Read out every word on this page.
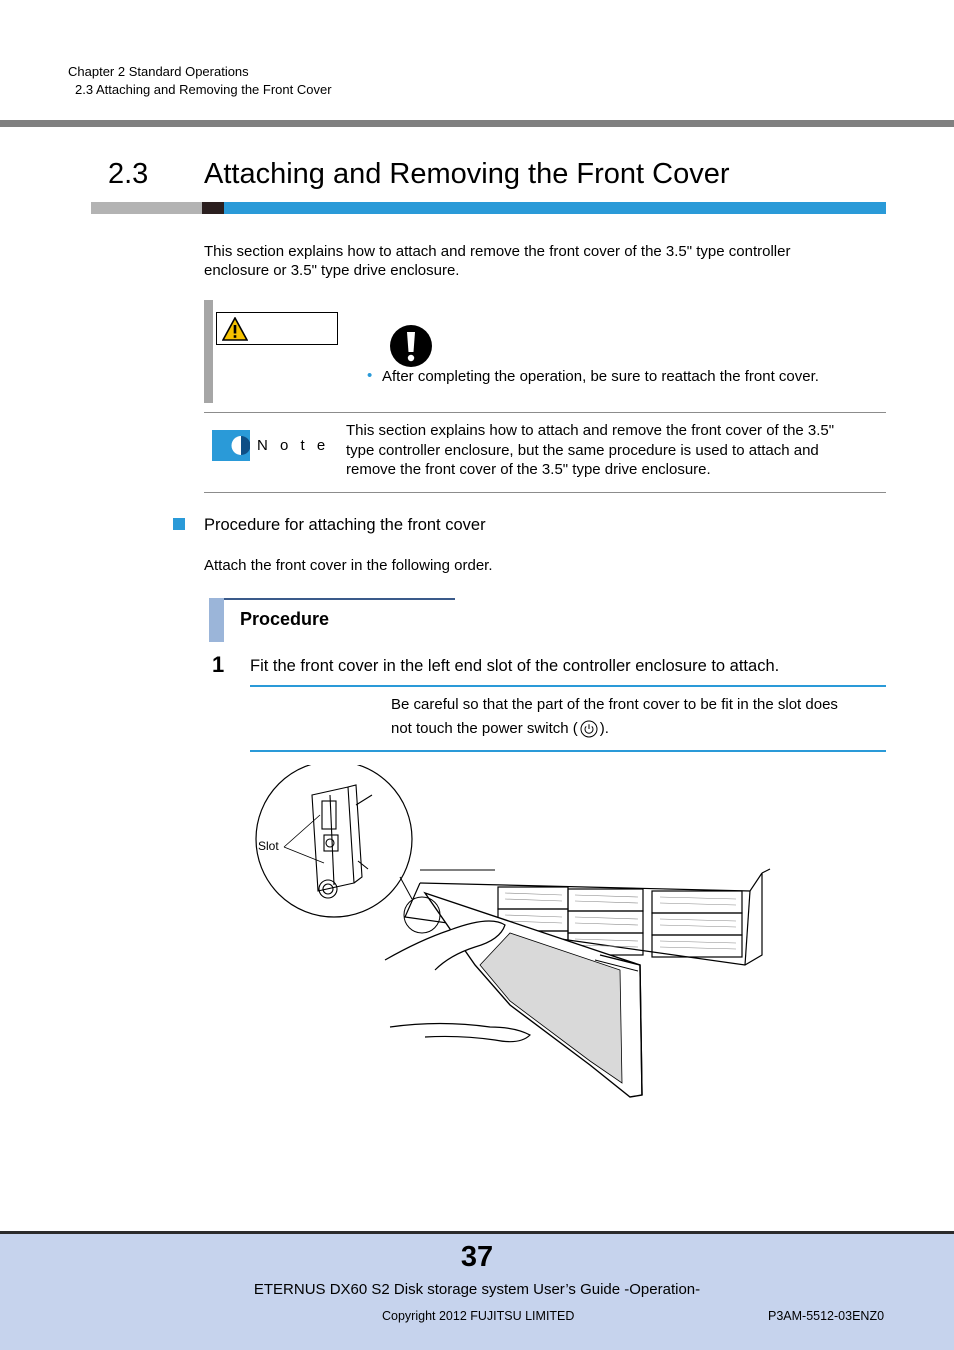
Chapter 2 Standard Operations
2.3 Attaching and Removing the Front Cover
2.3 Attaching and Removing the Front Cover
This section explains how to attach and remove the front cover of the 3.5" type controller
enclosure or 3.5" type drive enclosure.
• After completing the operation, be sure to reattach the front cover.
N o t e
This section explains how to attach and remove the front cover of the 3.5"
type controller enclosure, but the same procedure is used to attach and
remove the front cover of the 3.5" type drive enclosure.
Procedure for attaching the front cover
Attach the front cover in the following order.
Procedure
1 Fit the front cover in the left end slot of the controller enclosure to attach.
Be careful so that the part of the front cover to be fit in the slot does
not touch the power switch ( ).
Slot
37
ETERNUS DX60 S2 Disk storage system User’s Guide -Operation-
Copyright 2012 FUJITSU LIMITED	P3AM-5512-03ENZ0
